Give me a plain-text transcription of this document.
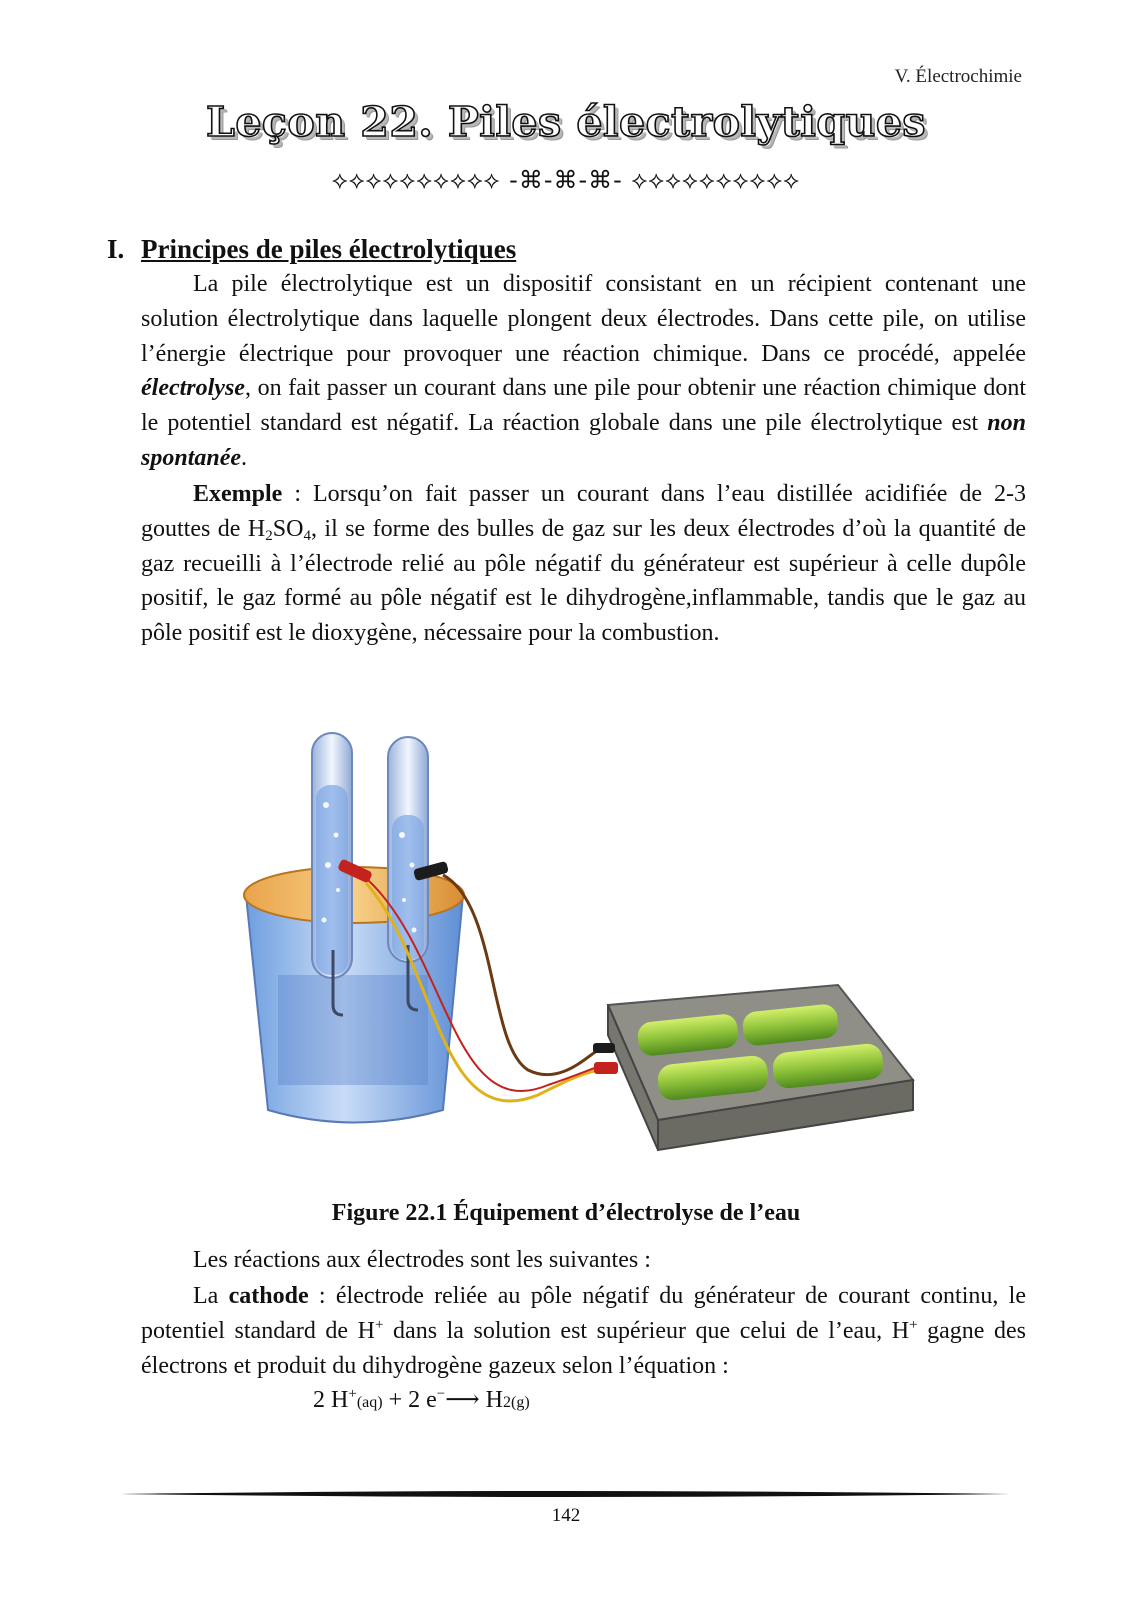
V. Électrochimie
Leçon 22. Piles électrolytiques
⟡⟡⟡⟡⟡⟡⟡⟡⟡⟡ -⌘-⌘-⌘- ⟡⟡⟡⟡⟡⟡⟡⟡⟡⟡
I. Principes de piles électrolytiques

La pile électrolytique est un dispositif consistant en un récipient contenant une solution électrolytique dans laquelle plongent deux électrodes. Dans cette pile, on utilise l’énergie électrique pour provoquer une réaction chimique. Dans ce procédé, appelée électrolyse, on fait passer un courant dans une pile pour obtenir une réaction chimique dont le potentiel standard est négatif. La réaction globale dans une pile électrolytique est non spontanée.

Exemple : Lorsqu’on fait passer un courant dans l’eau distillée acidifiée de 2-3 gouttes de $H_2SO_4$, il se forme des bulles de gaz sur les deux électrodes d’où la quantité de gaz recueilli à l’électrode relié au pôle négatif du générateur est supérieur à celle dupôle positif, le gaz formé au pôle négatif est le dihydrogène,inflammable, tandis que le gaz au pôle positif est le dioxygène, nécessaire pour la combustion.

Figure 22.1 Équipement d’électrolyse de l’eau

Les réactions aux électrodes sont les suivantes :

La cathode : électrode reliée au pôle négatif du générateur de courant continu, le potentiel standard de H+ dans la solution est supérieur que celui de l’eau, H+ gagne des électrons et produit du dihydrogène gazeux selon l’équation :

2 H+(aq) + 2 e−⟶ H2(g)
142
